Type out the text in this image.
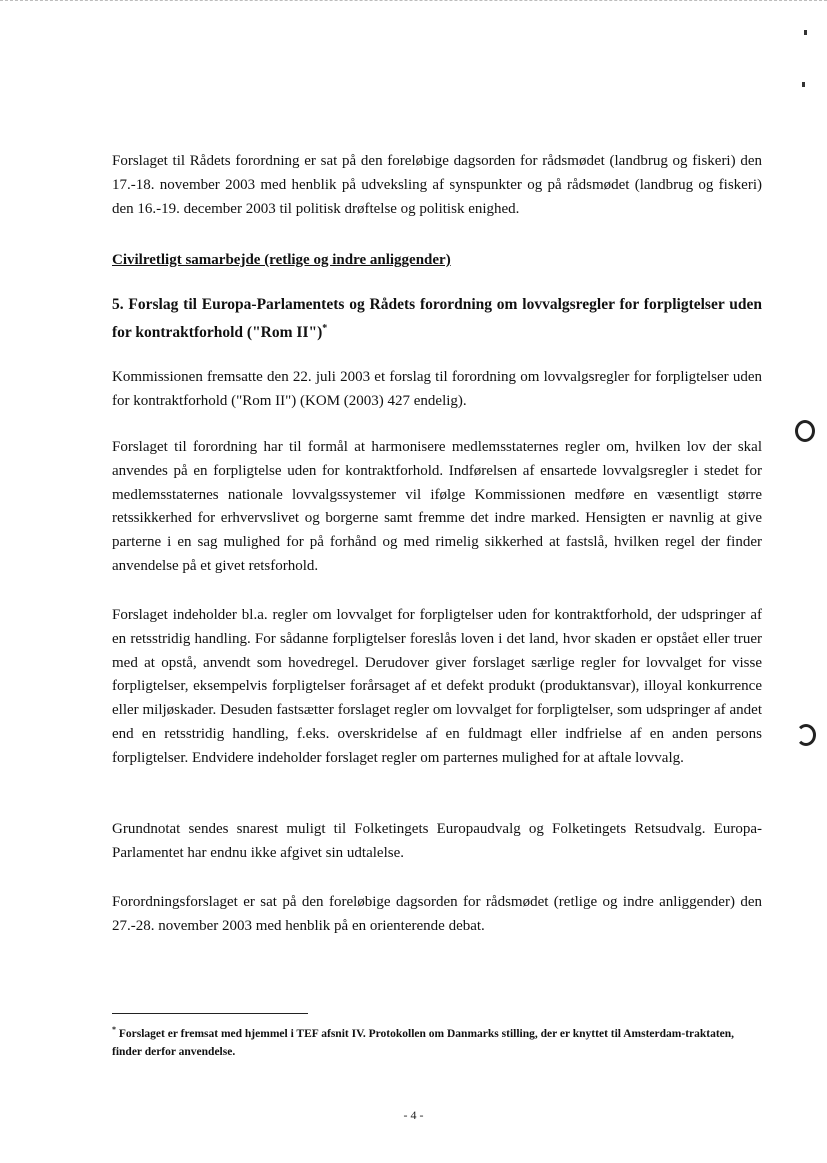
Forslaget til Rådets forordning er sat på den foreløbige dagsorden for rådsmødet (landbrug og fiskeri) den 17.-18. november 2003 med henblik på udveksling af synspunkter og på rådsmødet (landbrug og fiskeri) den 16.-19. december 2003 til politisk drøftelse og politisk enighed.

Civilretligt samarbejde (retlige og indre anliggender)

5. Forslag til Europa-Parlamentets og Rådets forordning om lovvalgsregler for forpligtelser uden for kontraktforhold ("Rom II")*

Kommissionen fremsatte den 22. juli 2003 et forslag til forordning om lovvalgsregler for forpligtelser uden for kontraktforhold ("Rom II") (KOM (2003) 427 endelig).

Forslaget til forordning har til formål at harmonisere medlemsstaternes regler om, hvilken lov der skal anvendes på en forpligtelse uden for kontraktforhold. Indførelsen af ensartede lovvalgsregler i stedet for medlemsstaternes nationale lovvalgssystemer vil ifølge Kommissionen medføre en væsentligt større retssikkerhed for erhvervslivet og borgerne samt fremme det indre marked. Hensigten er navnlig at give parterne i en sag mulighed for på forhånd og med rimelig sikkerhed at fastslå, hvilken regel der finder anvendelse på et givet retsforhold.

Forslaget indeholder bl.a. regler om lovvalget for forpligtelser uden for kontraktforhold, der udspringer af en retsstridig handling. For sådanne forpligtelser foreslås loven i det land, hvor skaden er opstået eller truer med at opstå, anvendt som hovedregel. Derudover giver forslaget særlige regler for lovvalget for visse forpligtelser, eksempelvis forpligtelser forårsaget af et defekt produkt (produktansvar), illoyal konkurrence eller miljøskader. Desuden fastsætter forslaget regler om lovvalget for forpligtelser, som udspringer af andet end en retsstridig handling, f.eks. overskridelse af en fuldmagt eller indfrielse af en anden persons forpligtelser. Endvidere indeholder forslaget regler om parternes mulighed for at aftale lovvalg.

Grundnotat sendes snarest muligt til Folketingets Europaudvalg og Folketingets Retsudvalg. Europa-Parlamentet har endnu ikke afgivet sin udtalelse.

Forordningsforslaget er sat på den foreløbige dagsorden for rådsmødet (retlige og indre anliggender) den 27.-28. november 2003 med henblik på en orienterende debat.

* Forslaget er fremsat med hjemmel i TEF afsnit IV. Protokollen om Danmarks stilling, der er knyttet til Amsterdam-traktaten, finder derfor anvendelse.

- 4 -
